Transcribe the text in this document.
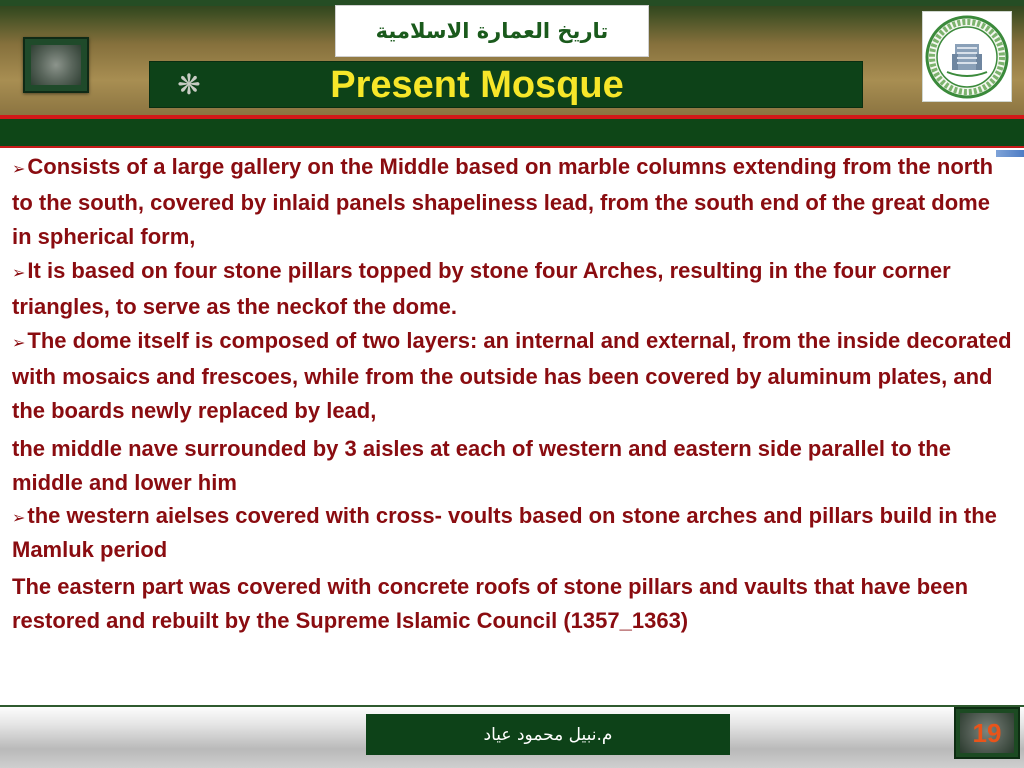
تاريخ العمارة الاسلامية
❋	Present Mosque

➢Consists of a large gallery on the Middle based on marble columns extending from the north to the south, covered by inlaid panels shapeliness lead, from the south end of the great dome in spherical form,

➢It is based on four stone pillars topped by stone four Arches, resulting in the four corner triangles, to serve as the neckof the dome.

➢The dome itself is composed of two layers: an internal and external, from the inside decorated with mosaics and frescoes, while from the outside has been covered by aluminum plates, and the boards newly replaced by lead,

the middle nave surrounded by 3 aisles at each of western and eastern side parallel to the middle and lower him

➢the western aielses covered with cross- voults based on stone arches and pillars build in the Mamluk period

The eastern part was covered with concrete roofs of stone pillars and vaults that have been restored and rebuilt by the Supreme Islamic Council (1357_1363)

م.نبيل محمود عياد	19
